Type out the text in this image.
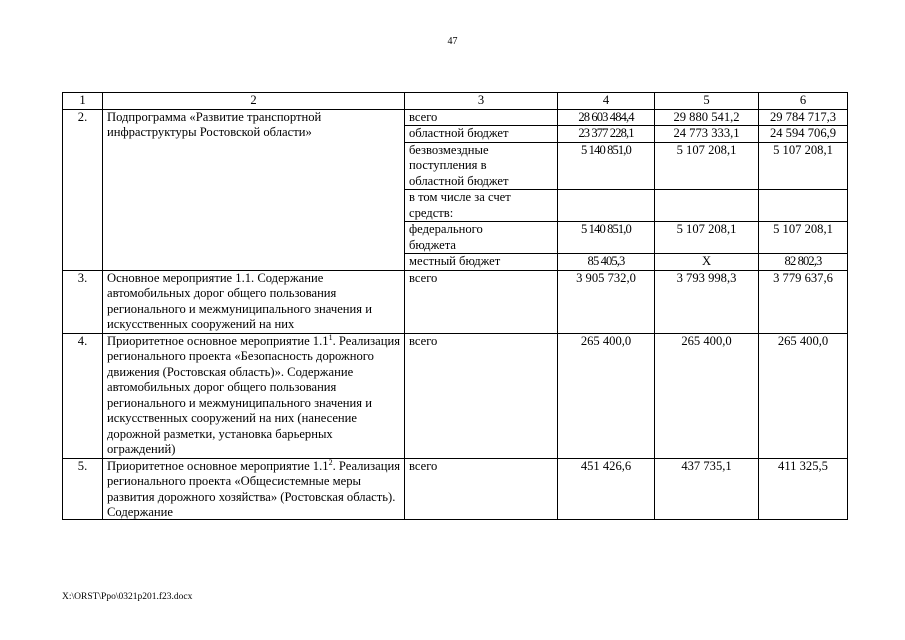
47
1	2	3	4	5	6
2.	Подпрограмма «Развитие транспортной инфраструктуры Ростовской области»	всего	28 603 484,4	29 880 541,2	29 784 717,3
		областной бюджет	23 377 228,1	24 773 333,1	24 594 706,9
		безвозмездные поступления в областной бюджет	5 140 851,0	5 107 208,1	5 107 208,1
		в том числе за счет средств:			
		федерального бюджета	5 140 851,0	5 107 208,1	5 107 208,1
		местный бюджет	85 405,3	X	82 802,3
3.	Основное мероприятие 1.1. Содержание автомобильных дорог общего пользования регионального и межмуниципального значения и искусственных сооружений на них	всего	3 905 732,0	3 793 998,3	3 779 637,6
4.	Приоритетное основное мероприятие $1.1^1$. Реализация регионального проекта «Безопасность дорожного движения (Ростовская область)». Содержание автомобильных дорог общего пользования регионального и межмуниципального значения и искусственных сооружений на них (нанесение дорожной разметки, установка барьерных ограждений)	всего	265 400,0	265 400,0	265 400,0

5.	Приоритетное основное мероприятие $1.1^2$. Реализация регионального проекта «Общесистемные меры развития дорожного хозяйства» (Ростовская область). Содержание	всего	451 426,6	437 735,1	411 325,5
X:\ORST\Ppo\0321p201.f23.docx
